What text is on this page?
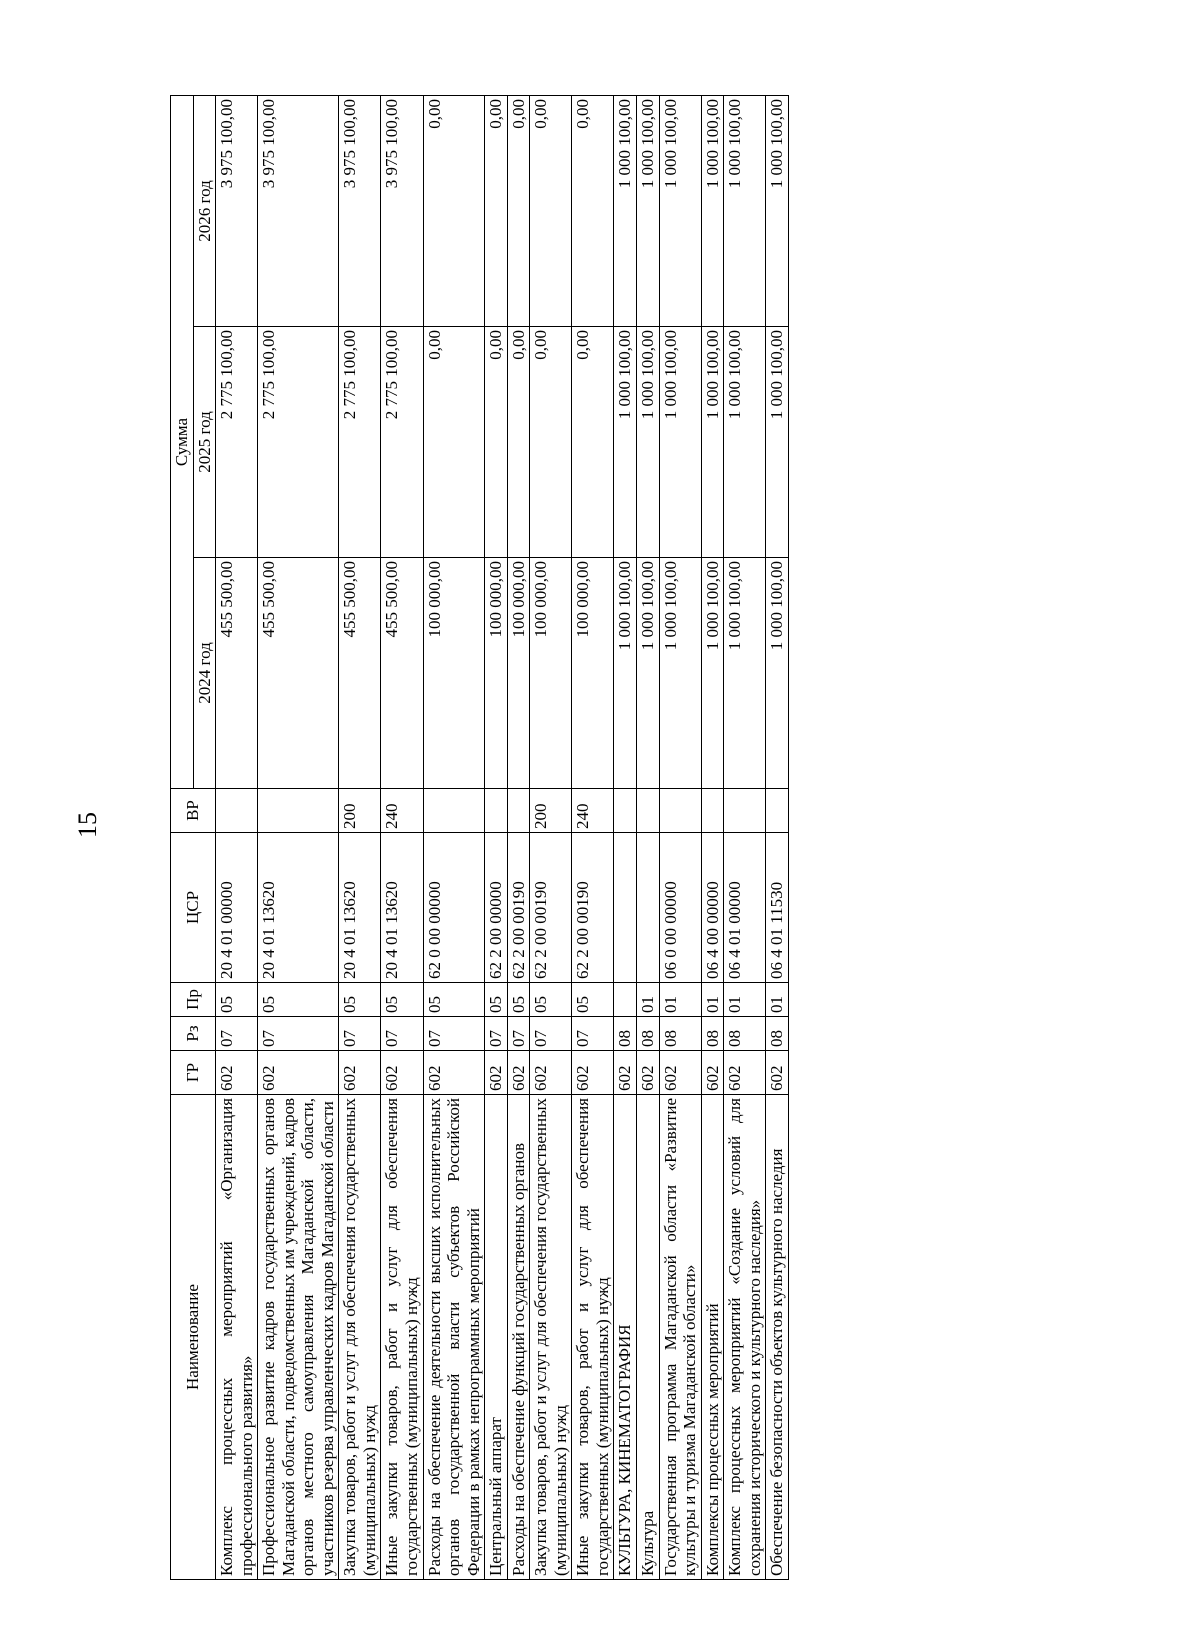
15
Наименование	ГР	Рз	Пр	ЦСР	ВР	Сумма		
						2024 год	2025 год	2026 год
Комплекс процессных мероприятий «Организация профессионального развития»	602	07	05	20 4 01 00000		455 500,00	2 775 100,00	3 975 100,00
Профессиональное развитие кадров государственных органов Магаданской области, подведомственных им учреждений, кадров органов местного самоуправления Магаданской области, участников резерва управленческих кадров Магаданской области	602	07	05	20 4 01 13620		455 500,00	2 775 100,00	3 975 100,00
Закупка товаров, работ и услуг для обеспечения государственных (муниципальных) нужд	602	07	05	20 4 01 13620	200	455 500,00	2 775 100,00	3 975 100,00
Иные закупки товаров, работ и услуг для обеспечения государственных (муниципальных) нужд	602	07	05	20 4 01 13620	240	455 500,00	2 775 100,00	3 975 100,00
Расходы на обеспечение деятельности высших исполнительных органов государственной власти субъектов Российской Федерации в рамках непрограммных мероприятий	602	07	05	62 0 00 00000		100 000,00	0,00	0,00
Центральный аппарат	602	07	05	62 2 00 00000		100 000,00	0,00	0,00
Расходы на обеспечение функций государственных органов	602	07	05	62 2 00 00190		100 000,00	0,00	0,00
Закупка товаров, работ и услуг для обеспечения государственных (муниципальных) нужд	602	07	05	62 2 00 00190	200	100 000,00	0,00	0,00
Иные закупки товаров, работ и услуг для обеспечения государственных (муниципальных) нужд	602	07	05	62 2 00 00190	240	100 000,00	0,00	0,00
КУЛЬТУРА, КИНЕМАТОГРАФИЯ	602	08				1 000 100,00	1 000 100,00	1 000 100,00
Культура	602	08	01			1 000 100,00	1 000 100,00	1 000 100,00
Государственная программа Магаданской области «Развитие культуры и туризма Магаданской области»	602	08	01	06 0 00 00000		1 000 100,00	1 000 100,00	1 000 100,00
Комплексы процессных мероприятий	602	08	01	06 4 00 00000		1 000 100,00	1 000 100,00	1 000 100,00
Комплекс процессных мероприятий «Создание условий для сохранения исторического и культурного наследия»	602	08	01	06 4 01 00000		1 000 100,00	1 000 100,00	1 000 100,00
Обеспечение безопасности объектов культурного наследия	602	08	01	06 4 01 11530		1 000 100,00	1 000 100,00	1 000 100,00
